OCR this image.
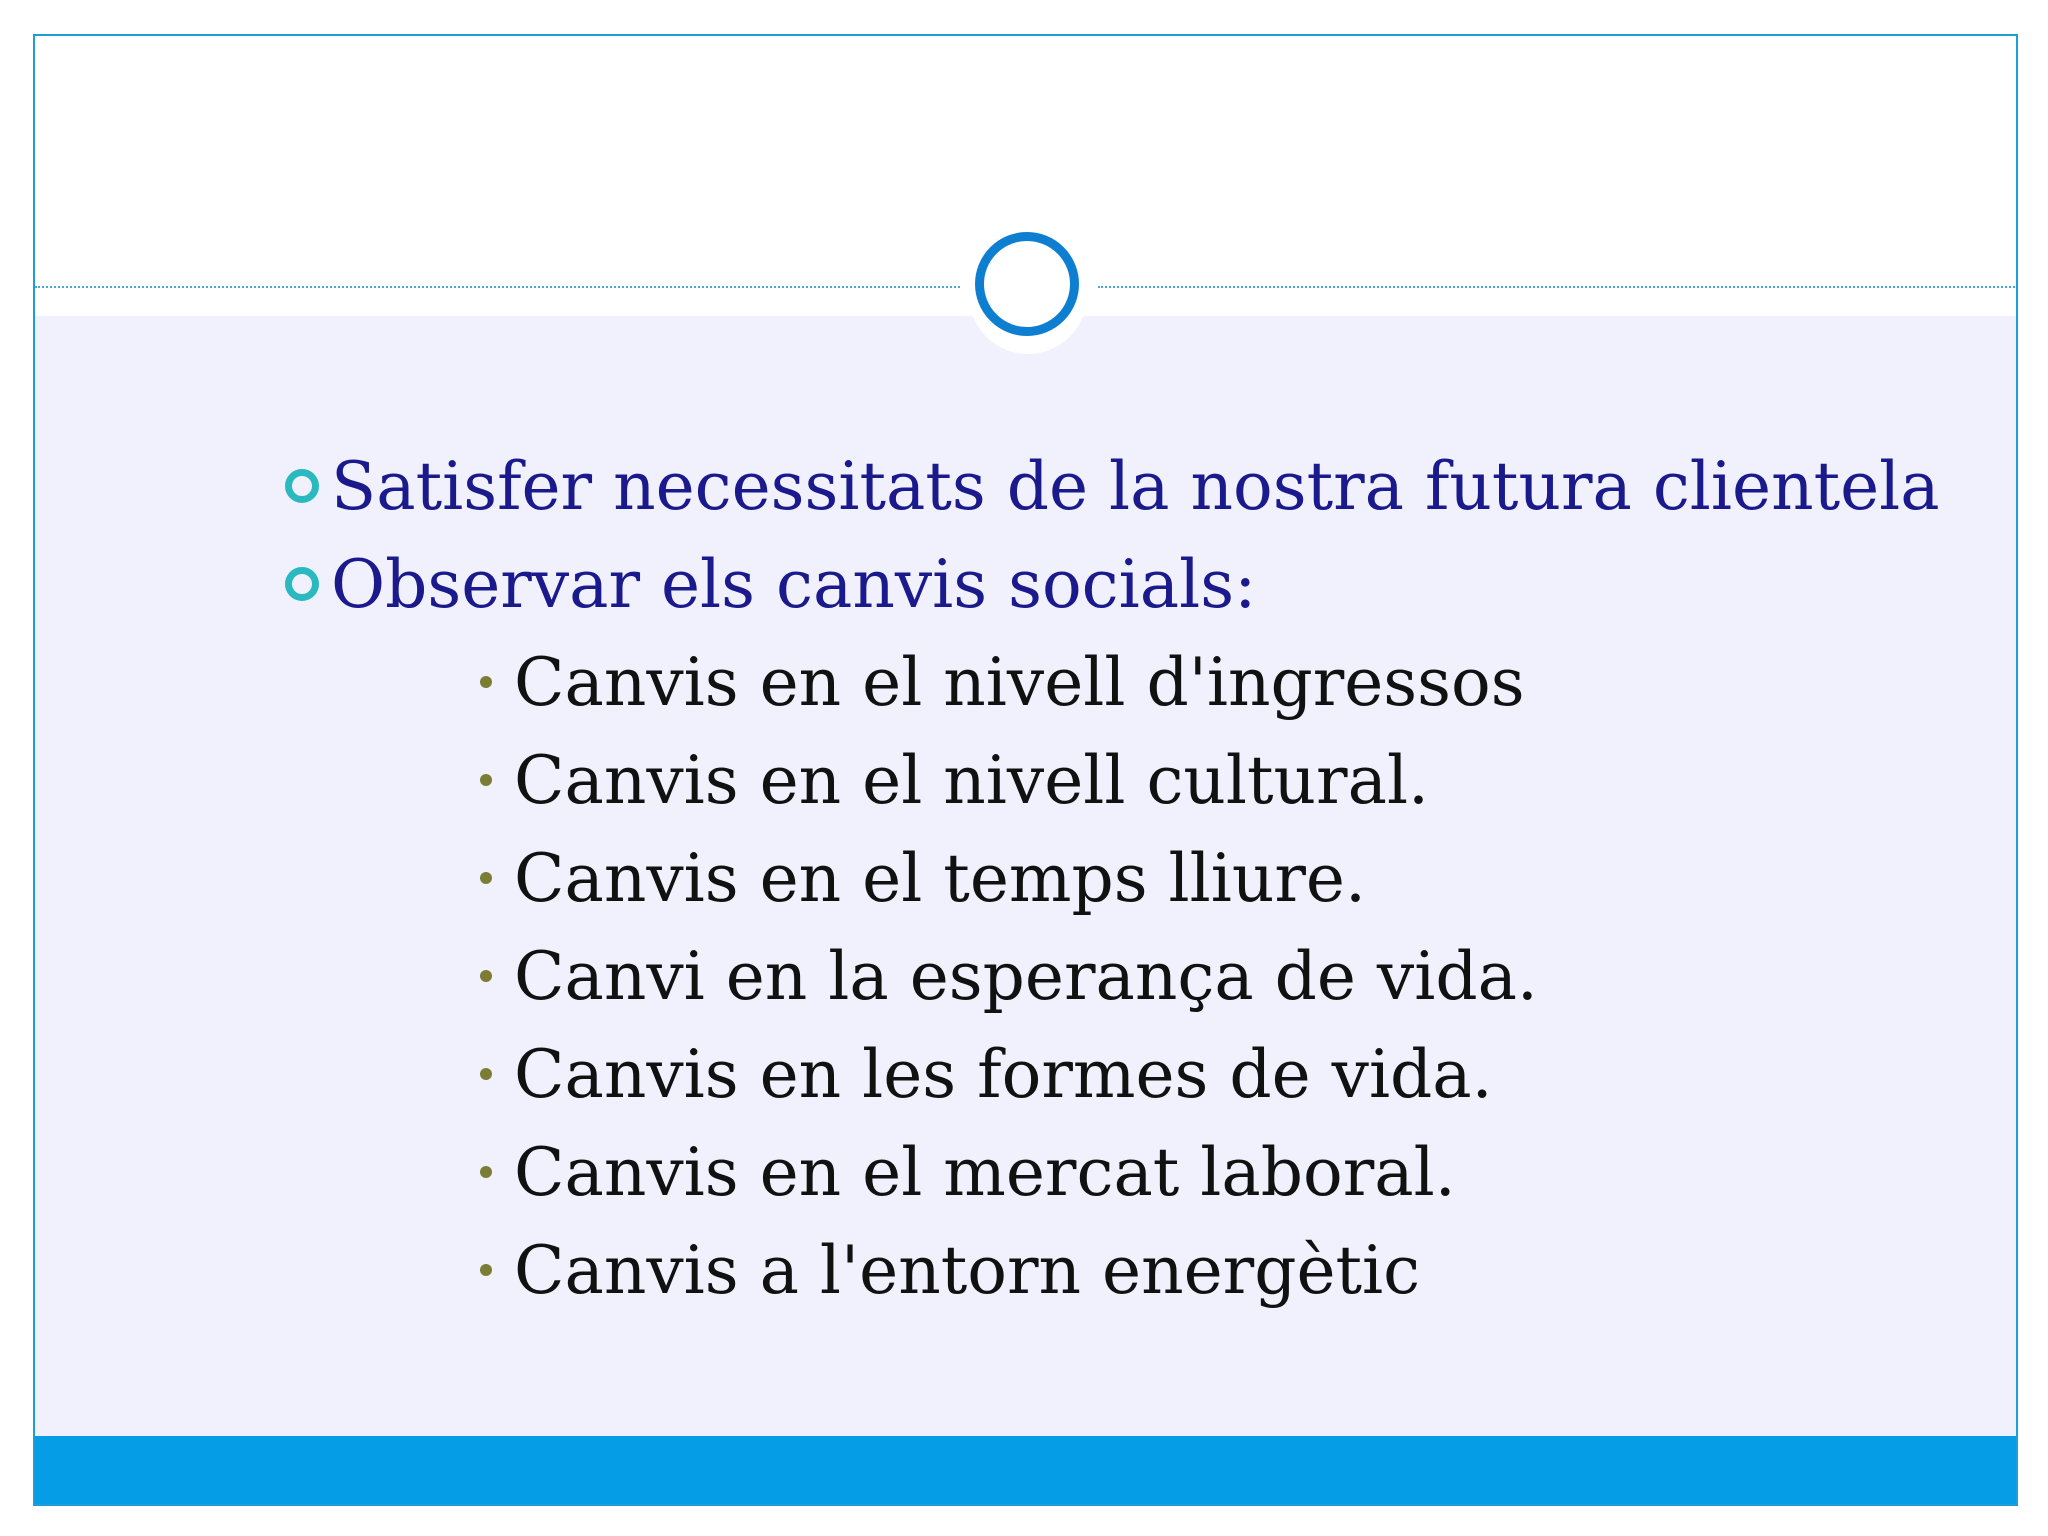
Satisfer necessitats de la nostra futura clientela
Observar els canvis socials:
Canvis en el nivell d'ingressos
Canvis en el nivell cultural.
Canvis en el temps lliure.
Canvi en la esperança de vida.
Canvis en les formes de vida.
Canvis en el mercat laboral.
Canvis a l'entorn energètic
